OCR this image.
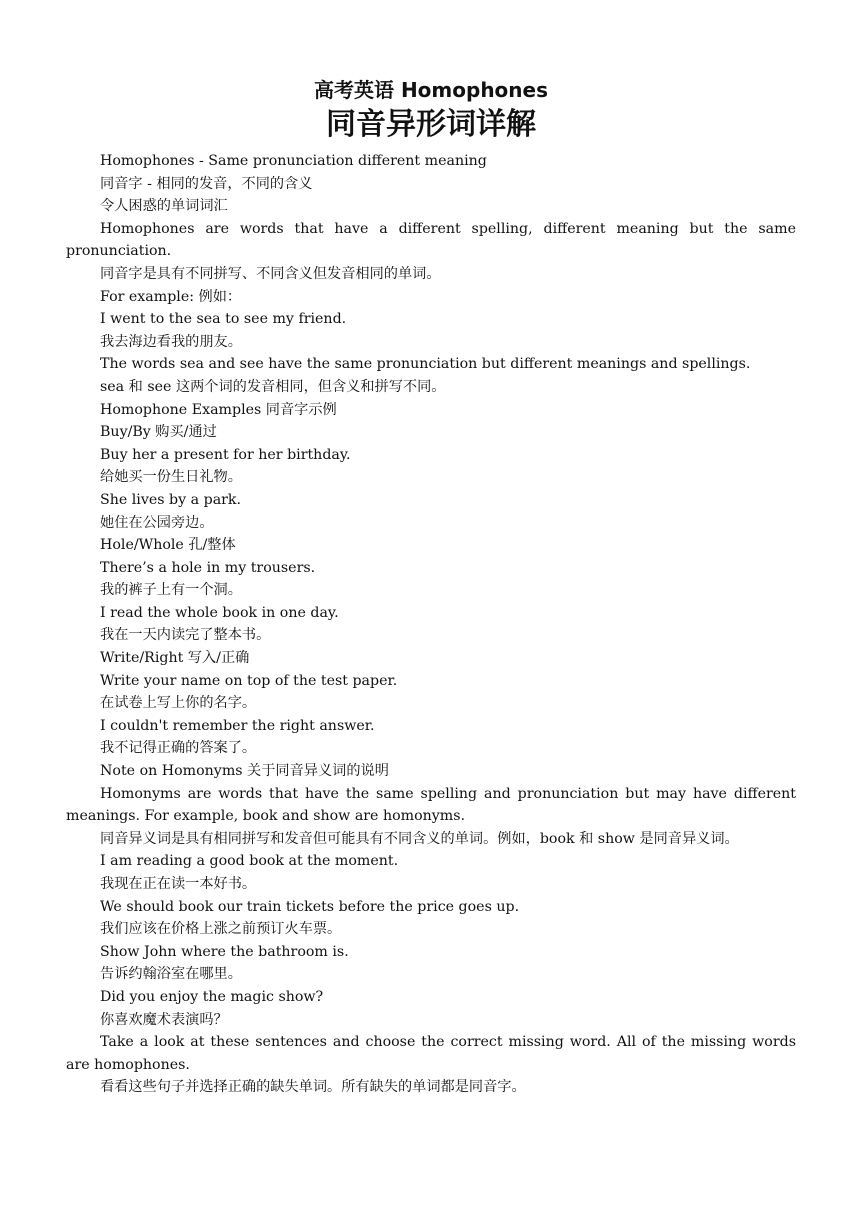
高考英语 Homophones
同音异形词详解

Homophones - Same pronunciation different meaning

同音字 - 相同的发音，不同的含义

令人困惑的单词词汇

Homophones are words that have a different spelling, different meaning but the same pronunciation.

同音字是具有不同拼写、不同含义但发音相同的单词。

For example: 例如：

I went to the sea to see my friend.

我去海边看我的朋友。

The words sea and see have the same pronunciation but different meanings and spellings.

sea 和 see 这两个词的发音相同，但含义和拼写不同。

Homophone Examples 同音字示例

Buy/By 购买/通过

Buy her a present for her birthday.

给她买一份生日礼物。

She lives by a park.

她住在公园旁边。

Hole/Whole 孔/整体

There’s a hole in my trousers.

我的裤子上有一个洞。

I read the whole book in one day.

我在一天内读完了整本书。

Write/Right 写入/正确

Write your name on top of the test paper.

在试卷上写上你的名字。

I couldn't remember the right answer.

我不记得正确的答案了。

Note on Homonyms 关于同音异义词的说明

Homonyms are words that have the same spelling and pronunciation but may have different meanings. For example, book and show are homonyms.

同音异义词是具有相同拼写和发音但可能具有不同含义的单词。例如，book 和 show 是同音异义词。

I am reading a good book at the moment.

我现在正在读一本好书。

We should book our train tickets before the price goes up.

我们应该在价格上涨之前预订火车票。

Show John where the bathroom is.

告诉约翰浴室在哪里。

Did you enjoy the magic show?

你喜欢魔术表演吗？

Take a look at these sentences and choose the correct missing word. All of the missing words are homophones.

看看这些句子并选择正确的缺失单词。所有缺失的单词都是同音字。
